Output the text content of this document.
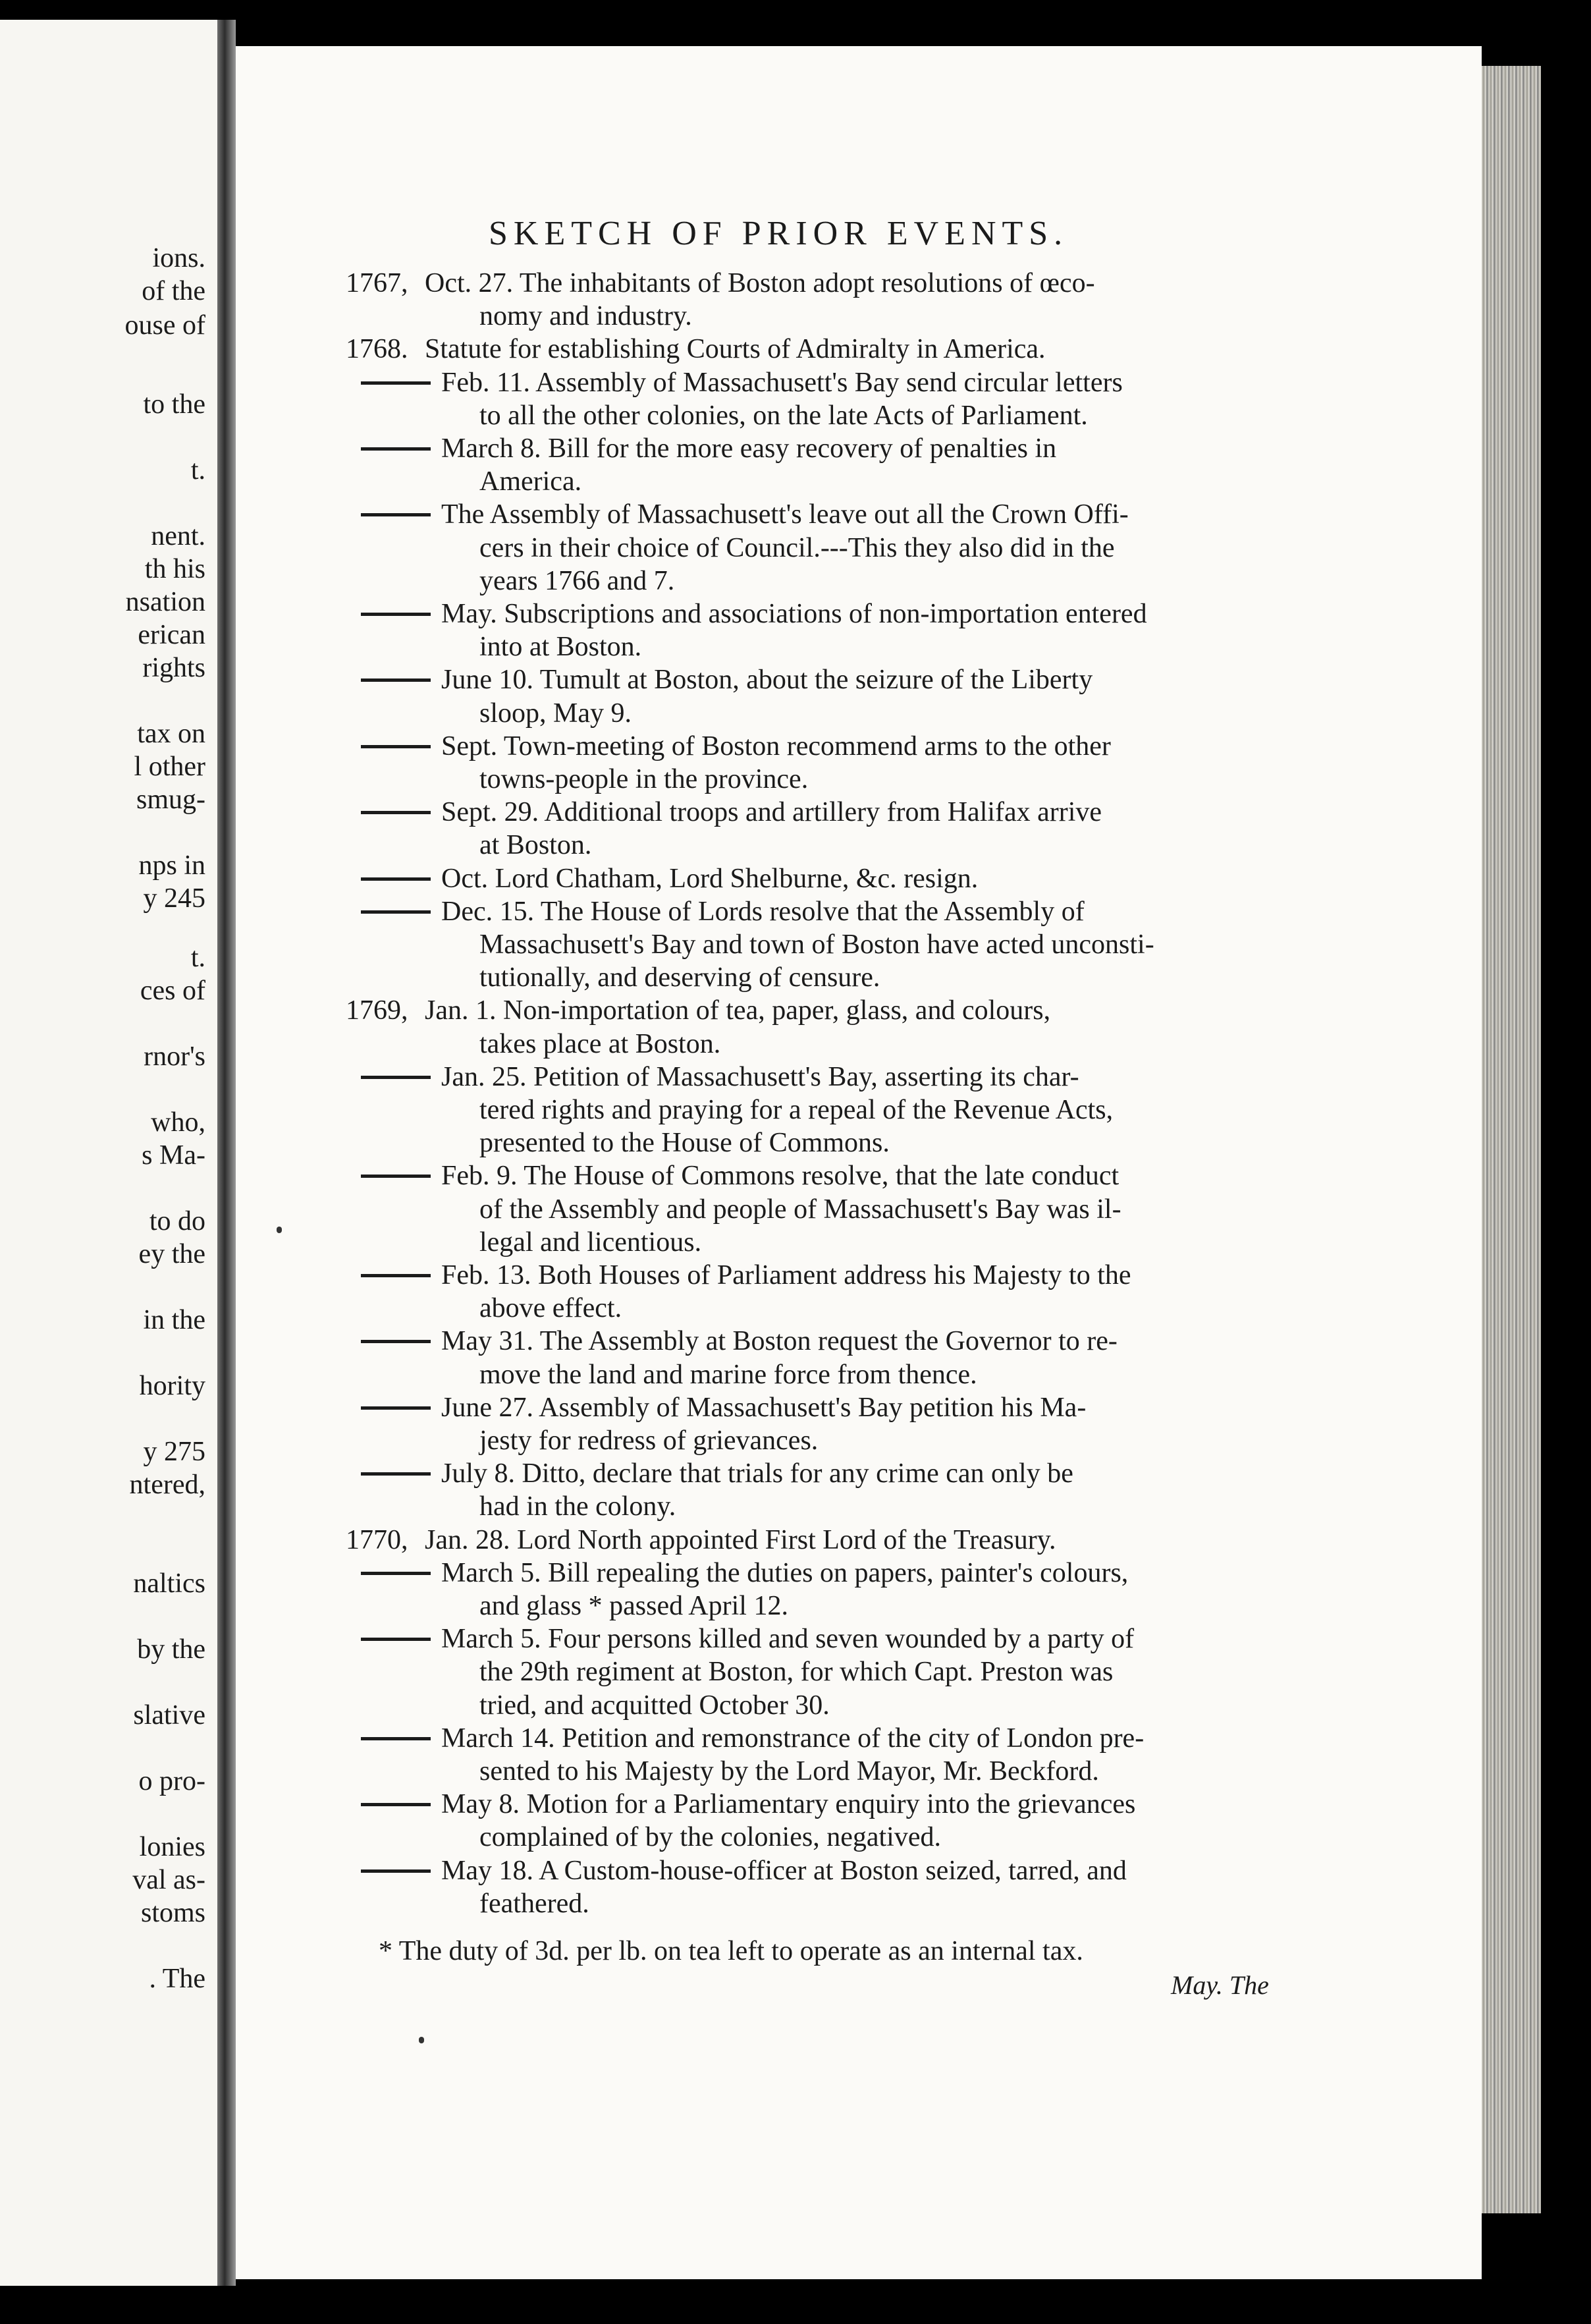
ions.
of the
ouse of
to the
t.
nent.
th his
nsation
erican
rights
tax on
l other
smug-
nps in
y 245
t.
ces of
rnor's
who,
s Ma-
to do
ey the
in the
hority
y 275
ntered,
naltics
by the
slative
o pro-
lonies
val as-
stoms
. The
SKETCH OF PRIOR EVENTS.
1767, Oct. 27. The inhabitants of Boston adopt resolutions of œco-
nomy and industry.
1768. Statute for establishing Courts of Admiralty in America.
Feb. 11. Assembly of Massachusett's Bay send circular letters
to all the other colonies, on the late Acts of Parliament.
March 8. Bill for the more easy recovery of penalties in
America.
The Assembly of Massachusett's leave out all the Crown Offi-
cers in their choice of Council.---This they also did in the
years 1766 and 7.
May. Subscriptions and associations of non-importation entered
into at Boston.
June 10. Tumult at Boston, about the seizure of the Liberty
sloop, May 9.
Sept. Town-meeting of Boston recommend arms to the other
towns-people in the province.
Sept. 29. Additional troops and artillery from Halifax arrive
at Boston.
Oct. Lord Chatham, Lord Shelburne, &c. resign.
Dec. 15. The House of Lords resolve that the Assembly of
Massachusett's Bay and town of Boston have acted unconsti-
tutionally, and deserving of censure.
1769, Jan. 1. Non-importation of tea, paper, glass, and colours,
takes place at Boston.
Jan. 25. Petition of Massachusett's Bay, asserting its char-
tered rights and praying for a repeal of the Revenue Acts,
presented to the House of Commons.
Feb. 9. The House of Commons resolve, that the late conduct
of the Assembly and people of Massachusett's Bay was il-
legal and licentious.
Feb. 13. Both Houses of Parliament address his Majesty to the
above effect.
May 31. The Assembly at Boston request the Governor to re-
move the land and marine force from thence.
June 27. Assembly of Massachusett's Bay petition his Ma-
jesty for redress of grievances.
July 8. Ditto, declare that trials for any crime can only be
had in the colony.
1770, Jan. 28. Lord North appointed First Lord of the Treasury.
March 5. Bill repealing the duties on papers, painter's colours,
and glass * passed April 12.
March 5. Four persons killed and seven wounded by a party of
the 29th regiment at Boston, for which Capt. Preston was
tried, and acquitted October 30.
March 14. Petition and remonstrance of the city of London pre-
sented to his Majesty by the Lord Mayor, Mr. Beckford.
May 8. Motion for a Parliamentary enquiry into the grievances
complained of by the colonies, negatived.
May 18. A Custom-house-officer at Boston seized, tarred, and
feathered.
* The duty of 3d. per lb. on tea left to operate as an internal tax.
May. The
